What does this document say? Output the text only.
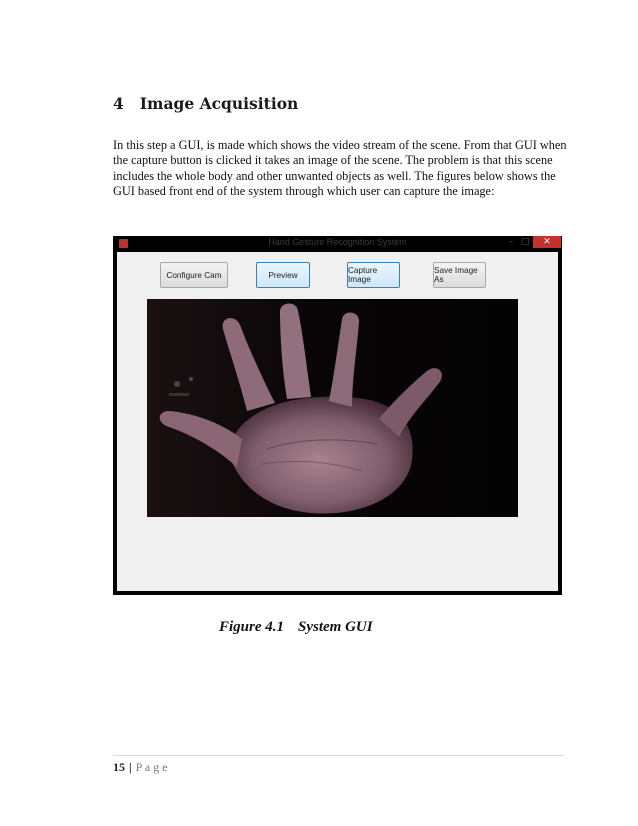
4 Image Acquisition
In this step a GUI, is made which shows the video stream of the scene. From that GUI when the capture button is clicked it takes an image of the scene. The problem is that this scene includes the whole body and other unwanted objects as well. The figures below shows the GUI based front end of the system through which user can capture the image:
Hand Gesture Recognition System	– □	✕
Configure Cam	Preview	Capture Image
Save Image As
Figure 4.1 System GUI
15 | P a g e
